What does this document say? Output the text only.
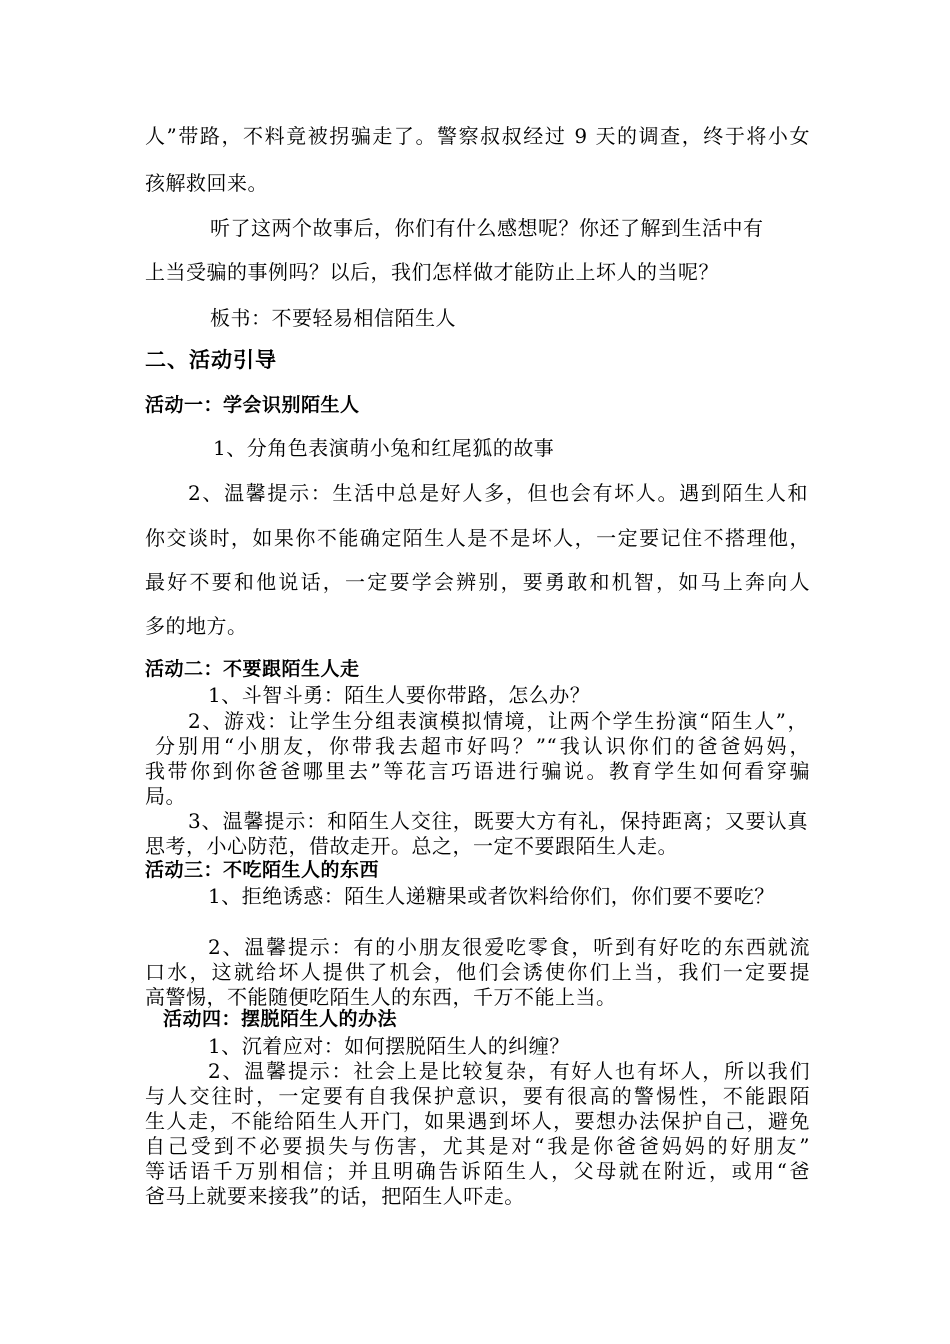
人”带路，不料竟被拐骗走了。警察叔叔经过 9 天的调查，终于将小女
孩解救回来。
听了这两个故事后，你们有什么感想呢？你还了解到生活中有
上当受骗的事例吗？以后，我们怎样做才能防止上坏人的当呢？
板书：不要轻易相信陌生人
二、活动引导
活动一：学会识别陌生人
1、分角色表演萌小兔和红尾狐的故事
2、温馨提示：生活中总是好人多，但也会有坏人。遇到陌生人和
你交谈时，如果你不能确定陌生人是不是坏人，一定要记住不搭理他，
最好不要和他说话，一定要学会辨别，要勇敢和机智，如马上奔向人
多的地方。
活动二：不要跟陌生人走
1、斗智斗勇：陌生人要你带路，怎么办？
2、游戏：让学生分组表演模拟情境，让两个学生扮演“陌生人”，
分别用“小朋友，你带我去超市好吗？”“我认识你们的爸爸妈妈，
我带你到你爸爸哪里去”等花言巧语进行骗说。教育学生如何看穿骗
局。
3、温馨提示：和陌生人交往，既要大方有礼，保持距离；又要认真
思考，小心防范，借故走开。总之，一定不要跟陌生人走。
活动三：不吃陌生人的东西
1、拒绝诱惑：陌生人递糖果或者饮料给你们，你们要不要吃？
2、温馨提示：有的小朋友很爱吃零食，听到有好吃的东西就流
口水，这就给坏人提供了机会，他们会诱使你们上当，我们一定要提
高警惕，不能随便吃陌生人的东西，千万不能上当。
活动四：摆脱陌生人的办法
1、沉着应对：如何摆脱陌生人的纠缠？
2、温馨提示：社会上是比较复杂，有好人也有坏人，所以我们
与人交往时，一定要有自我保护意识，要有很高的警惕性，不能跟陌
生人走，不能给陌生人开门，如果遇到坏人，要想办法保护自己，避免
自己受到不必要损失与伤害，尤其是对“我是你爸爸妈妈的好朋友”
等话语千万别相信；并且明确告诉陌生人，父母就在附近，或用“爸
爸马上就要来接我”的话，把陌生人吓走。
